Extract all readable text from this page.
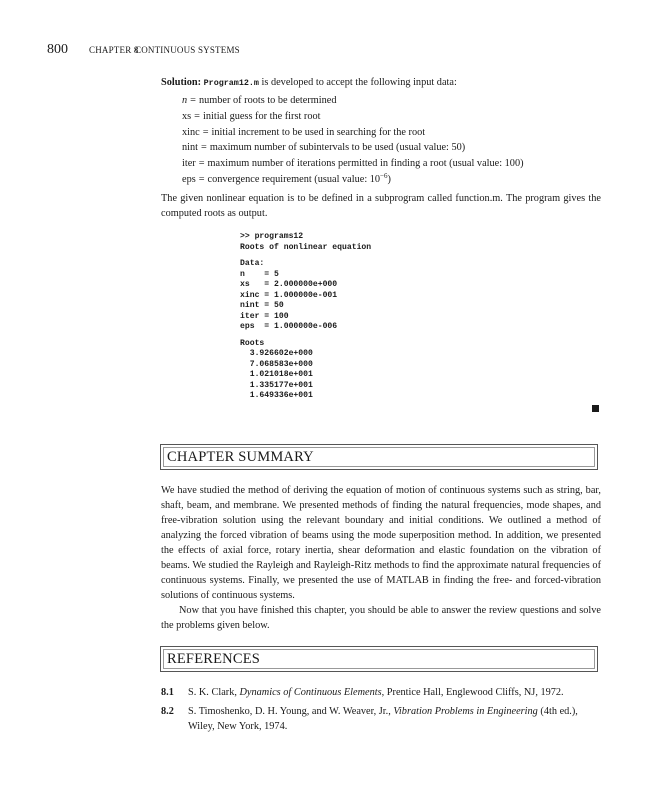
800 CHAPTER 8
CONTINUOUS SYSTEMS
Solution: Program12.m is developed to accept the following input data:
n = number of roots to be determined
xs = initial guess for the first root
xinc = initial increment to be used in searching for the root
nint = maximum number of subintervals to be used (usual value: 50)
iter = maximum number of iterations permitted in finding a root (usual value: 100)
eps = convergence requirement (usual value: $10^{-6}$)
The given nonlinear equation is to be defined in a subprogram called function.m. The program gives the computed roots as output.
>> programs12
Roots of nonlinear equation
Data:
n    = 5
xs   = 2.000000e+000
xinc = 1.000000e-001
nint = 50
iter = 100
eps  = 1.000000e-006
Roots
3.926602e+000
7.068583e+000
1.021018e+001
1.335177e+001
1.649336e+001
CHAPTER SUMMARY

We have studied the method of deriving the equation of motion of continuous systems such as string, bar, shaft, beam, and membrane. We presented methods of finding the natural frequencies, mode shapes, and free-vibration solution using the relevant boundary and initial conditions. We outlined a method of analyzing the forced vibration of beams using the mode superposition method. In addition, we presented the effects of axial force, rotary inertia, shear deformation and elastic foundation on the vibration of beams. We studied the Rayleigh and Rayleigh-Ritz methods to find the approximate natural frequencies of continuous systems. Finally, we presented the use of MATLAB in finding the free- and forced-vibration solutions of continuous systems.

Now that you have finished this chapter, you should be able to answer the review questions and solve the problems given below.

REFERENCES
8.1 S. K. Clark, Dynamics of Continuous Elements, Prentice Hall, Englewood Cliffs, NJ, 1972.
8.2 S. Timoshenko, D. H. Young, and W. Weaver, Jr., Vibration Problems in Engineering (4th ed.), Wiley, New York, 1974.
